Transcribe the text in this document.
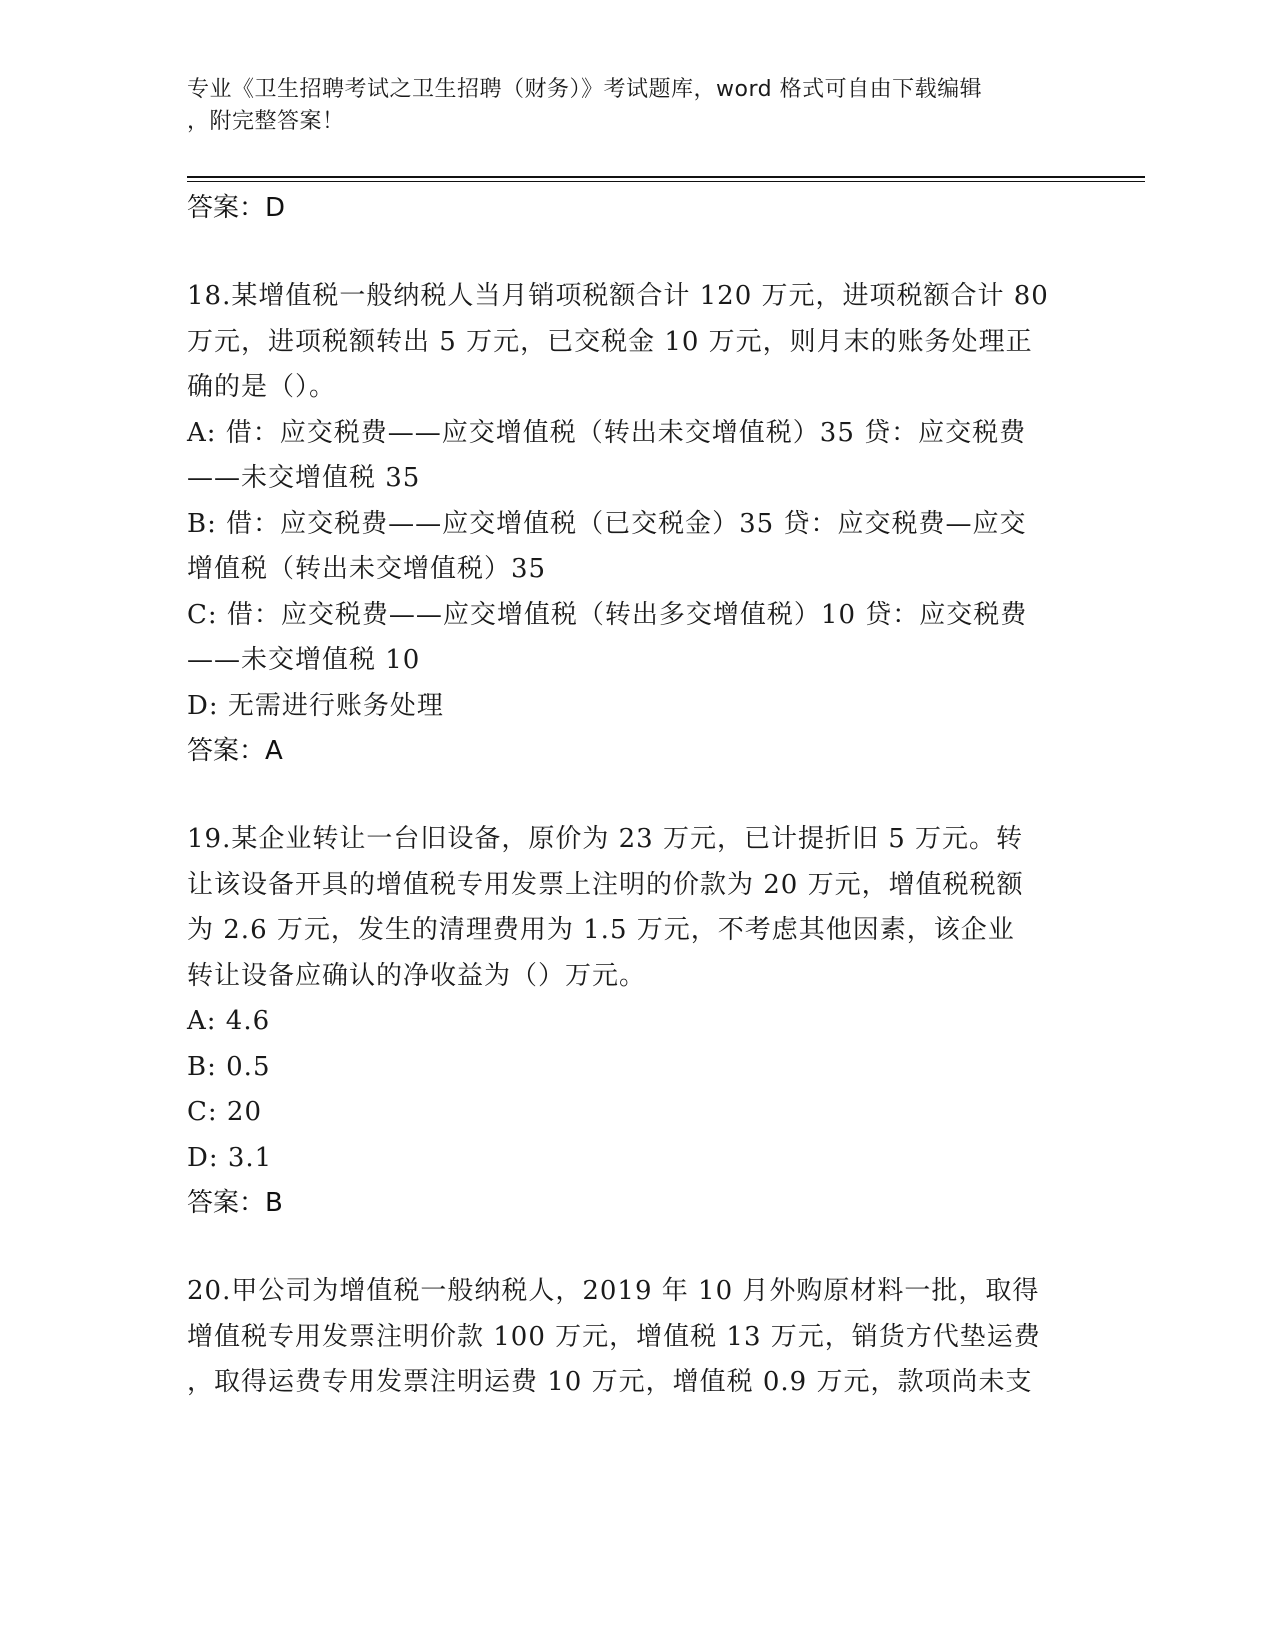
专业《卫生招聘考试之卫生招聘（财务）》考试题库，word 格式可自由下载编辑
，附完整答案！

答案：D

18.某增值税一般纳税人当月销项税额合计 120 万元，进项税额合计 80

万元，进项税额转出 5 万元，已交税金 10 万元，则月末的账务处理正

确的是（）。

A: 借：应交税费——应交增值税（转出未交增值税）35 贷：应交税费

——未交增值税 35

B: 借：应交税费——应交增值税（已交税金）35 贷：应交税费—应交

增值税（转出未交增值税）35

C: 借：应交税费——应交增值税（转出多交增值税）10 贷：应交税费

——未交增值税 10

D: 无需进行账务处理

答案：A

19.某企业转让一台旧设备，原价为 23 万元，已计提折旧 5 万元。转

让该设备开具的增值税专用发票上注明的价款为 20 万元，增值税税额

为 2.6 万元，发生的清理费用为 1.5 万元，不考虑其他因素，该企业

转让设备应确认的净收益为（）万元。

A: 4.6

B: 0.5

C: 20

D: 3.1

答案：B

20.甲公司为增值税一般纳税人，2019 年 10 月外购原材料一批，取得

增值税专用发票注明价款 100 万元，增值税 13 万元，销货方代垫运费

，取得运费专用发票注明运费 10 万元，增值税 0.9 万元，款项尚未支
